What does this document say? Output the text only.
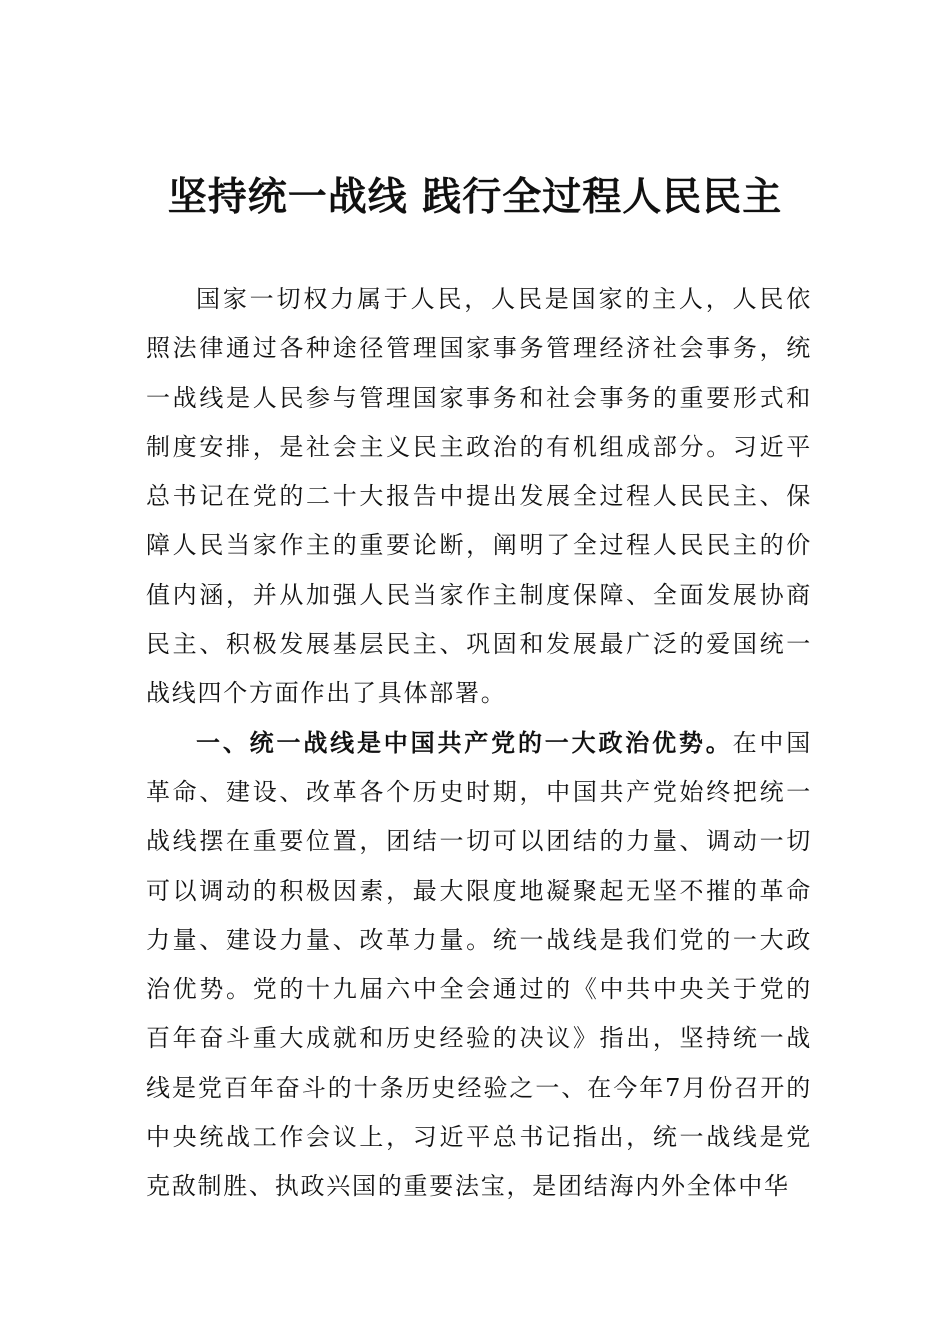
坚持统一战线 践行全过程人民民主

国家一切权力属于人民，人民是国家的主人，人民依照法律通过各种途径管理国家事务管理经济社会事务，统一战线是人民参与管理国家事务和社会事务的重要形式和制度安排，是社会主义民主政治的有机组成部分。习近平总书记在党的二十大报告中提出发展全过程人民民主、保障人民当家作主的重要论断，阐明了全过程人民民主的价值内涵，并从加强人民当家作主制度保障、全面发展协商民主、积极发展基层民主、巩固和发展最广泛的爱国统一战线四个方面作出了具体部署。

一、统一战线是中国共产党的一大政治优势。在中国革命、建设、改革各个历史时期，中国共产党始终把统一战线摆在重要位置，团结一切可以团结的力量、调动一切可以调动的积极因素，最大限度地凝聚起无坚不摧的革命力量、建设力量、改革力量。统一战线是我们党的一大政治优势。党的十九届六中全会通过的《中共中央关于党的百年奋斗重大成就和历史经验的决议》指出，坚持统一战线是党百年奋斗的十条历史经验之一、在今年7月份召开的中央统战工作会议上，习近平总书记指出，统一战线是党克敌制胜、执政兴国的重要法宝，是团结海内外全体中华
